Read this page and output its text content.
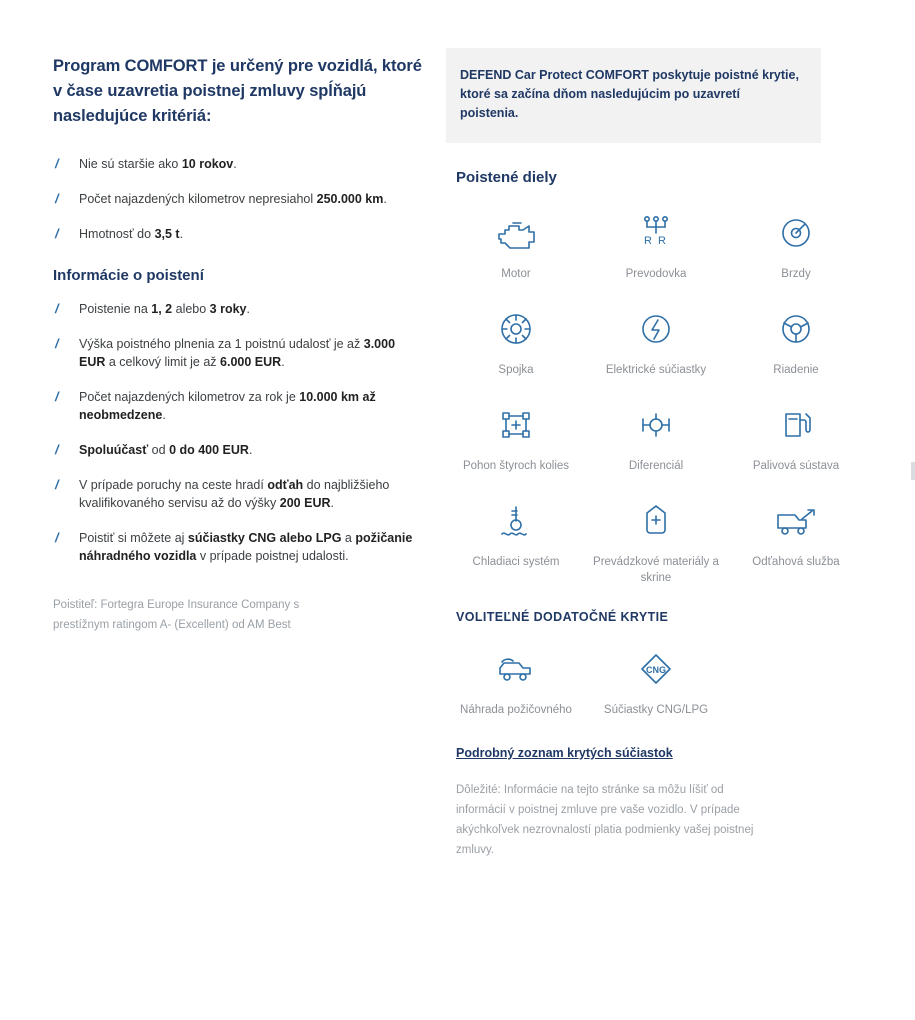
Program COMFORT je určený pre vozidlá, ktoré v čase uzavretia poistnej zmluvy spĺňajú nasledujúce kritériá:
/ Nie sú staršie ako 10 rokov.
/ Počet najazdených kilometrov nepresiahol 250.000 km.
/ Hmotnosť do 3,5 t.
Informácie o poistení
/ Poistenie na 1, 2 alebo 3 roky.
/ Výška poistného plnenia za 1 poistnú udalosť je až 3.000 EUR a celkový limit je až 6.000 EUR.
/ Počet najazdených kilometrov za rok je 10.000 km až neobmedzene.
/ Spoluúčasť od 0 do 400 EUR.
/ V prípade poruchy na ceste hradí odťah do najbližšieho kvalifikovaného servisu až do výšky 200 EUR.
/ Poistiť si môžete aj súčiastky CNG alebo LPG a požičanie náhradného vozidla v prípade poistnej udalosti.
Poistiteľ: Fortegra Europe Insurance Company s prestížnym ratingom A- (Excellent) od AM Best

DEFEND Car Protect COMFORT poskytuje poistné krytie, ktoré sa začína dňom nasledujúcim po uzavretí poistenia.

Poistené diely
Motor
R R
Prevodovka	Brzdy
Spojka	Elektrické súčiastky	Riadenie
Pohon štyroch kolies	Diferenciál	Palivová sústava
Chladiaci systém	Prevádzkové materiály a skrine
Odťahová služba
VOLITEĽNÉ DODATOČNÉ KRYTIE
Náhrada požičovného
CNG
Súčiastky CNG/LPG
Podrobný zoznam krytých súčiastok
Dôležité: Informácie na tejto stránke sa môžu líšiť od informácií v poistnej zmluve pre vaše vozidlo. V prípade akýchkoľvek nezrovnalostí platia podmienky vašej poistnej zmluvy.
